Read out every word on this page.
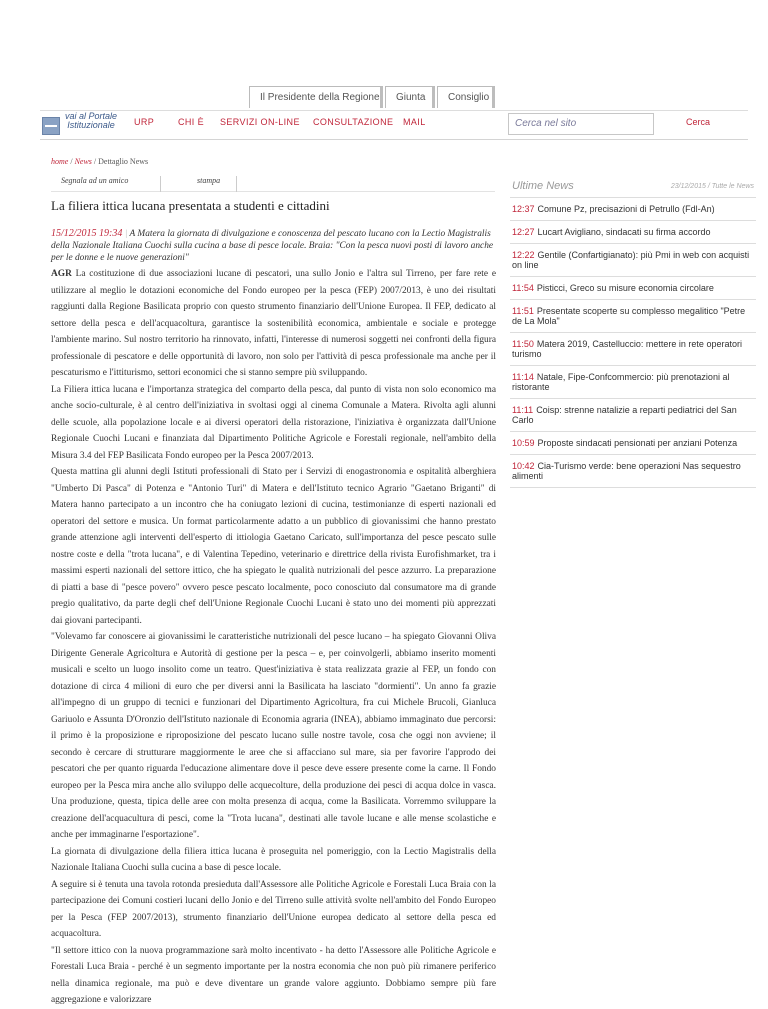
Il Presidente della Regione	Giunta	Consiglio
vai al Portale Istituzionale	URP	CHI È SERVIZI ON-LINE CONSULTAZIONE MAIL	Cerca nel sito	Cerca
home / News / Dettaglio News
Segnala ad un amico	stampa
La filiera ittica lucana presentata a studenti e cittadini
15/12/2015 19:34 | A Matera la giornata di divulgazione e conoscenza del pescato lucano con la Lectio Magistralis della Nazionale Italiana Cuochi sulla cucina a base di pesce locale. Braia: "Con la pesca nuovi posti di lavoro anche per le donne e le nuove generazioni"
AGR La costituzione di due associazioni lucane di pescatori, una sullo Jonio e l'altra sul Tirreno, per fare rete e utilizzare al meglio le dotazioni economiche del Fondo europeo per la pesca (FEP) 2007/2013, è uno dei risultati raggiunti dalla Regione Basilicata proprio con questo strumento finanziario dell'Unione Europea. Il FEP, dedicato al settore della pesca e dell'acquacoltura, garantisce la sostenibilità economica, ambientale e sociale e protegge l'ambiente marino. Sul nostro territorio ha rinnovato, infatti, l'interesse di numerosi soggetti nei confronti della figura professionale di pescatore e delle opportunità di lavoro, non solo per l'attività di pesca professionale ma anche per il pescaturismo e l'ittiturismo, settori economici che si stanno sempre più sviluppando.
La Filiera ittica lucana e l'importanza strategica del comparto della pesca, dal punto di vista non solo economico ma anche socio-culturale, è al centro dell'iniziativa in svoltasi oggi al cinema Comunale a Matera. Rivolta agli alunni delle scuole, alla popolazione locale e ai diversi operatori della ristorazione, l'iniziativa è organizzata dall'Unione Regionale Cuochi Lucani e finanziata dal Dipartimento Politiche Agricole e Forestali regionale, nell'ambito della Misura 3.4 del FEP Basilicata Fondo europeo per la Pesca 2007/2013.
Questa mattina gli alunni degli Istituti professionali di Stato per i Servizi di enogastronomia e ospitalità alberghiera "Umberto Di Pasca" di Potenza e "Antonio Turi" di Matera e dell'Istituto tecnico Agrario "Gaetano Briganti" di Matera hanno partecipato a un incontro che ha coniugato lezioni di cucina, testimonianze di esperti nazionali ed operatori del settore e musica. Un format particolarmente adatto a un pubblico di giovanissimi che hanno prestato grande attenzione agli interventi dell'esperto di ittiologia Gaetano Caricato, sull'importanza del pesce pescato sulle nostre coste e della "trota lucana", e di Valentina Tepedino, veterinario e direttrice della rivista Eurofishmarket, tra i massimi esperti nazionali del settore ittico, che ha spiegato le qualità nutrizionali del pesce azzurro. La preparazione di piatti a base di "pesce povero" ovvero pesce pescato localmente, poco conosciuto dal consumatore ma di grande pregio qualitativo, da parte degli chef dell'Unione Regionale Cuochi Lucani è stato uno dei momenti più apprezzati dai giovani partecipanti.
"Volevamo far conoscere ai giovanissimi le caratteristiche nutrizionali del pesce lucano – ha spiegato Giovanni Oliva Dirigente Generale Agricoltura e Autorità di gestione per la pesca – e, per coinvolgerli, abbiamo inserito momenti musicali e scelto un luogo insolito come un teatro. Quest'iniziativa è stata realizzata grazie al FEP, un fondo con dotazione di circa 4 milioni di euro che per diversi anni la Basilicata ha lasciato "dormienti". Un anno fa grazie all'impegno di un gruppo di tecnici e funzionari del Dipartimento Agricoltura, fra cui Michele Brucoli, Gianluca Gariuolo e Assunta D'Oronzio dell'Istituto nazionale di Economia agraria (INEA), abbiamo immaginato due percorsi: il primo è la proposizione e riproposizione del pescato lucano sulle nostre tavole, cosa che oggi non avviene; il secondo è cercare di strutturare maggiormente le aree che si affacciano sul mare, sia per favorire l'approdo dei pescatori che per quanto riguarda l'educazione alimentare dove il pesce deve essere presente come la carne. Il Fondo europeo per la Pesca mira anche allo sviluppo delle acquecolture, della produzione dei pesci di acqua dolce in vasca. Una produzione, questa, tipica delle aree con molta presenza di acqua, come la Basilicata. Vorremmo sviluppare la creazione dell'acquacultura di pesci, come la "Trota lucana", destinati alle tavole lucane e alle mense scolastiche e anche per immaginarne l'esportazione".
La giornata di divulgazione della filiera ittica lucana è proseguita nel pomeriggio, con la Lectio Magistralis della Nazionale Italiana Cuochi sulla cucina a base di pesce locale.
A seguire si è tenuta una tavola rotonda presieduta dall'Assessore alle Politiche Agricole e Forestali Luca Braia con la partecipazione dei Comuni costieri lucani dello Jonio e del Tirreno sulle attività svolte nell'ambito del Fondo Europeo per la Pesca (FEP 2007/2013), strumento finanziario dell'Unione europea dedicato al settore della pesca ed acquacoltura.
"Il settore ittico con la nuova programmazione sarà molto incentivato - ha detto l'Assessore alle Politiche Agricole e Forestali Luca Braia - perché è un segmento importante per la nostra economia che non può più rimanere periferico nella dinamica regionale, ma può e deve diventare un grande valore aggiunto. Dobbiamo sempre più fare aggregazione e valorizzare
Ultime News	23/12/2015 / Tutte le News
12:37 Comune Pz, precisazioni di Petrullo (Fdl-An)
12:27 Lucart Avigliano, sindacati su firma accordo
12:22 Gentile (Confartigianato): più Pmi in web con acquisti on line
11:54 Pisticci, Greco su misure economia circolare
11:51 Presentate scoperte su complesso megalitico "Petre de La Mola"
11:50 Matera 2019, Castelluccio: mettere in rete operatori turismo
11:14 Natale, Fipe-Confcommercio: più prenotazioni al ristorante
11:11 Coisp: strenne natalizie a reparti pediatrici del San Carlo
10:59 Proposte sindacati pensionati per anziani Potenza
10:42 Cia-Turismo verde: bene operazioni Nas sequestro alimenti
